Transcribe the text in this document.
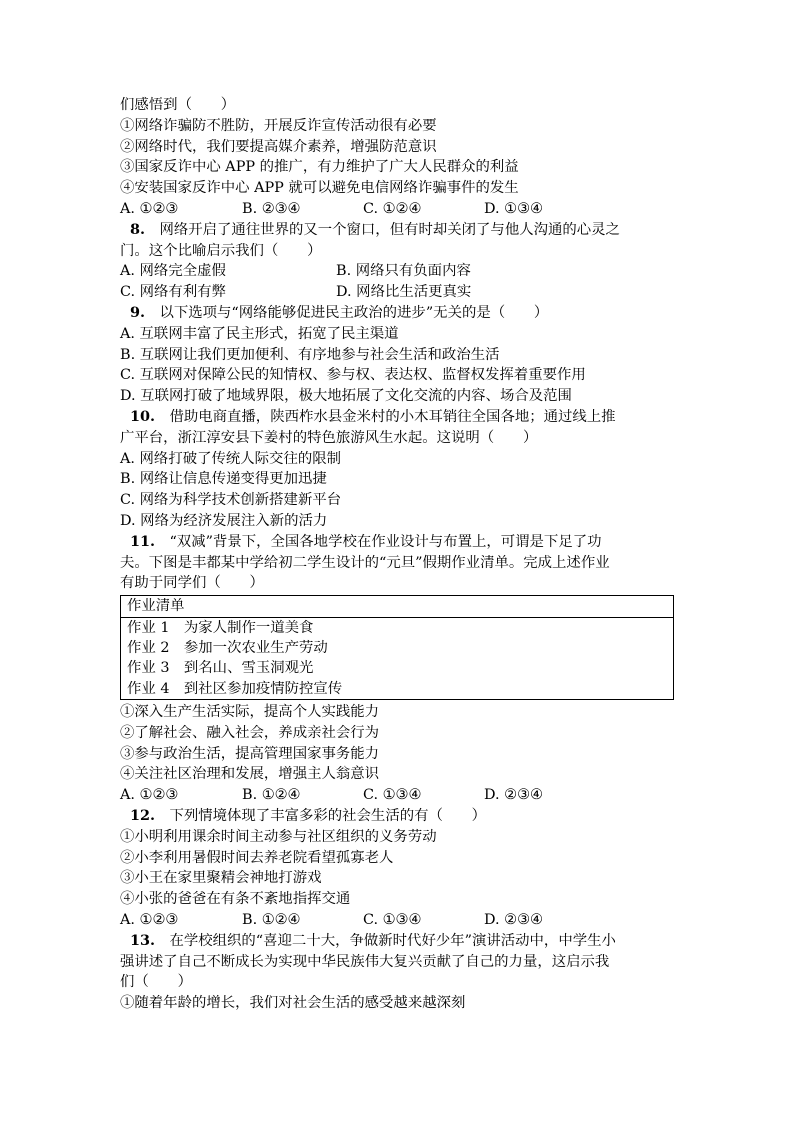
们感悟到（　　）
①网络诈骗防不胜防，开展反诈宣传活动很有必要
②网络时代，我们要提高媒介素养，增强防范意识
③国家反诈中心 APP 的推广，有力维护了广大人民群众的利益
④安装国家反诈中心 APP 就可以避免电信网络诈骗事件的发生
A. ①②③	B. ②③④	C. ①②④	D. ①③④
8.　 网络开启了通往世界的又一个窗口，但有时却关闭了与他人沟通的心灵之
门。这个比喻启示我们（　　）
A. 网络完全虚假	B. 网络只有负面内容
C. 网络有利有弊	D. 网络比生活更真实
9.　 以下选项与“网络能够促进民主政治的进步”无关的是（　　）
A. 互联网丰富了民主形式，拓宽了民主渠道
B. 互联网让我们更加便利、有序地参与社会生活和政治生活
C. 互联网对保障公民的知情权、参与权、表达权、监督权发挥着重要作用
D. 互联网打破了地域界限，极大地拓展了文化交流的内容、场合及范围
10.　 借助电商直播，陕西柞水县金米村的小木耳销往全国各地；通过线上推
广平台，浙江淳安县下姜村的特色旅游风生水起。这说明（　　）
A. 网络打破了传统人际交往的限制
B. 网络让信息传递变得更加迅捷
C. 网络为科学技术创新搭建新平台
D. 网络为经济发展注入新的活力
11.　 “双减”背景下，全国各地学校在作业设计与布置上，可谓是下足了功
夫。下图是丰都某中学给初二学生设计的“元旦”假期作业清单。完成上述作业
有助于同学们（　　）
作业清单

作业 1　为家人制作一道美食
作业 2　参加一次农业生产劳动
作业 3　到名山、雪玉洞观光
作业 4　到社区参加疫情防控宣传
①深入生产生活实际，提高个人实践能力
②了解社会、融入社会，养成亲社会行为
③参与政治生活，提高管理国家事务能力
④关注社区治理和发展，增强主人翁意识
A. ①②③	B. ①②④	C. ①③④	D. ②③④
12.　 下列情境体现了丰富多彩的社会生活的有（　　）
①小明利用课余时间主动参与社区组织的义务劳动
②小李利用暑假时间去养老院看望孤寡老人
③小王在家里聚精会神地打游戏
④小张的爸爸在有条不紊地指挥交通
A. ①②③	B. ①②④	C. ①③④	D. ②③④
13.　 在学校组织的“喜迎二十大，争做新时代好少年”演讲活动中，中学生小
强讲述了自己不断成长为实现中华民族伟大复兴贡献了自己的力量，这启示我
们（　　）
①随着年龄的增长，我们对社会生活的感受越来越深刻
